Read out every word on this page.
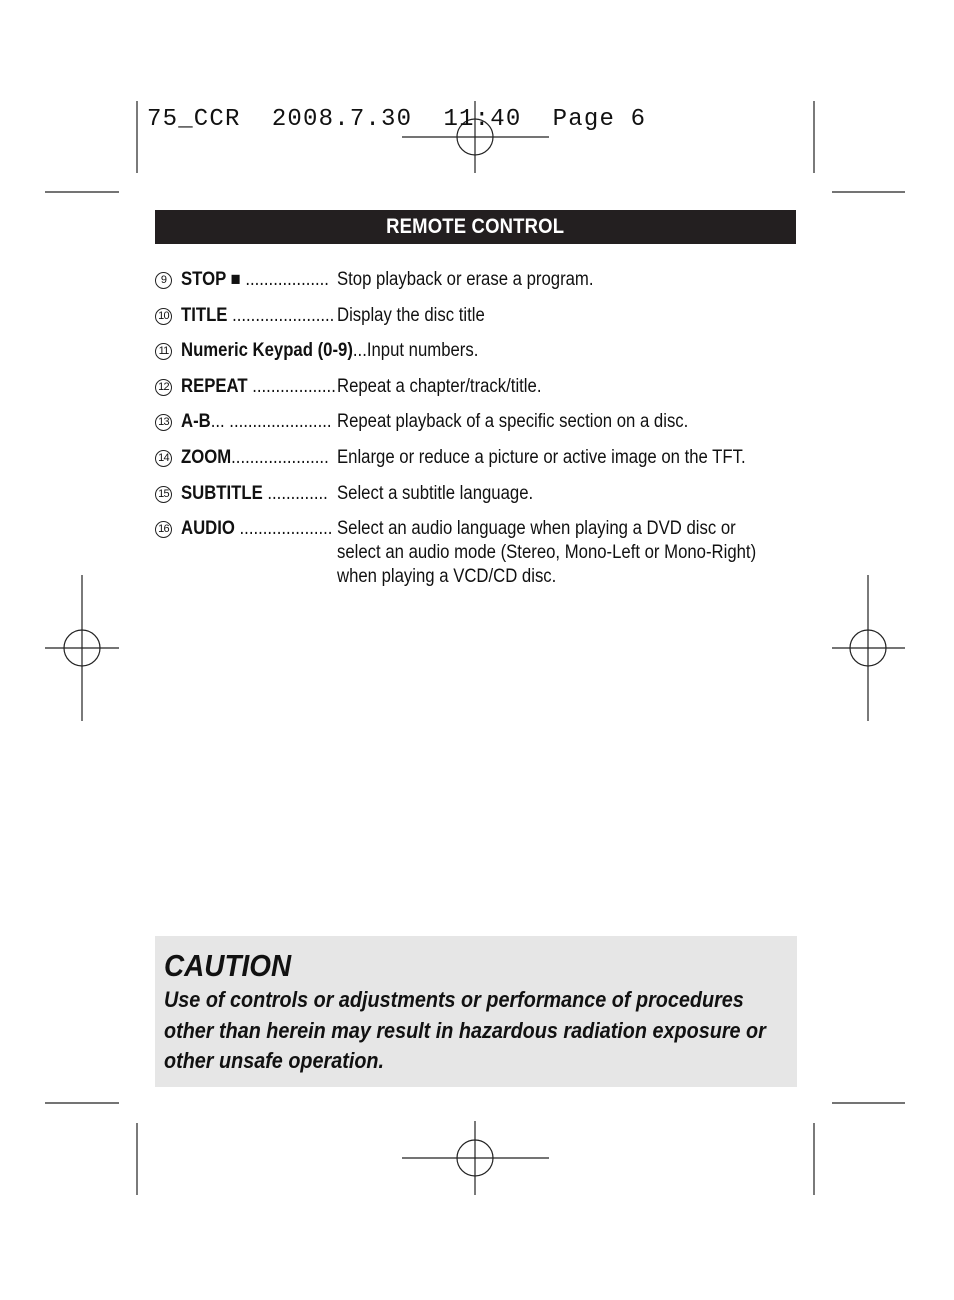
75_CCR  2008.7.30  11:40  Page 6
REMOTE CONTROL
9 STOP ■ .................. Stop playback or erase a program.
10 TITLE ...................... Display the disc title
11 Numeric Keypad (0-9)...Input numbers.
12 REPEAT .................. Repeat a chapter/track/title.
13 A-B... ...................... Repeat playback of a specific section on a disc.
14 ZOOM..................... Enlarge or reduce a picture or active image on the TFT.
15 SUBTITLE ............. Select a subtitle language.
16 AUDIO .................... Select an audio language when playing a DVD disc or
select an audio mode (Stereo, Mono-Left or Mono-Right)
when playing a VCD/CD disc.
CAUTION
Use of controls or adjustments or performance of procedures other than herein may result in hazardous radiation exposure or other unsafe operation.
